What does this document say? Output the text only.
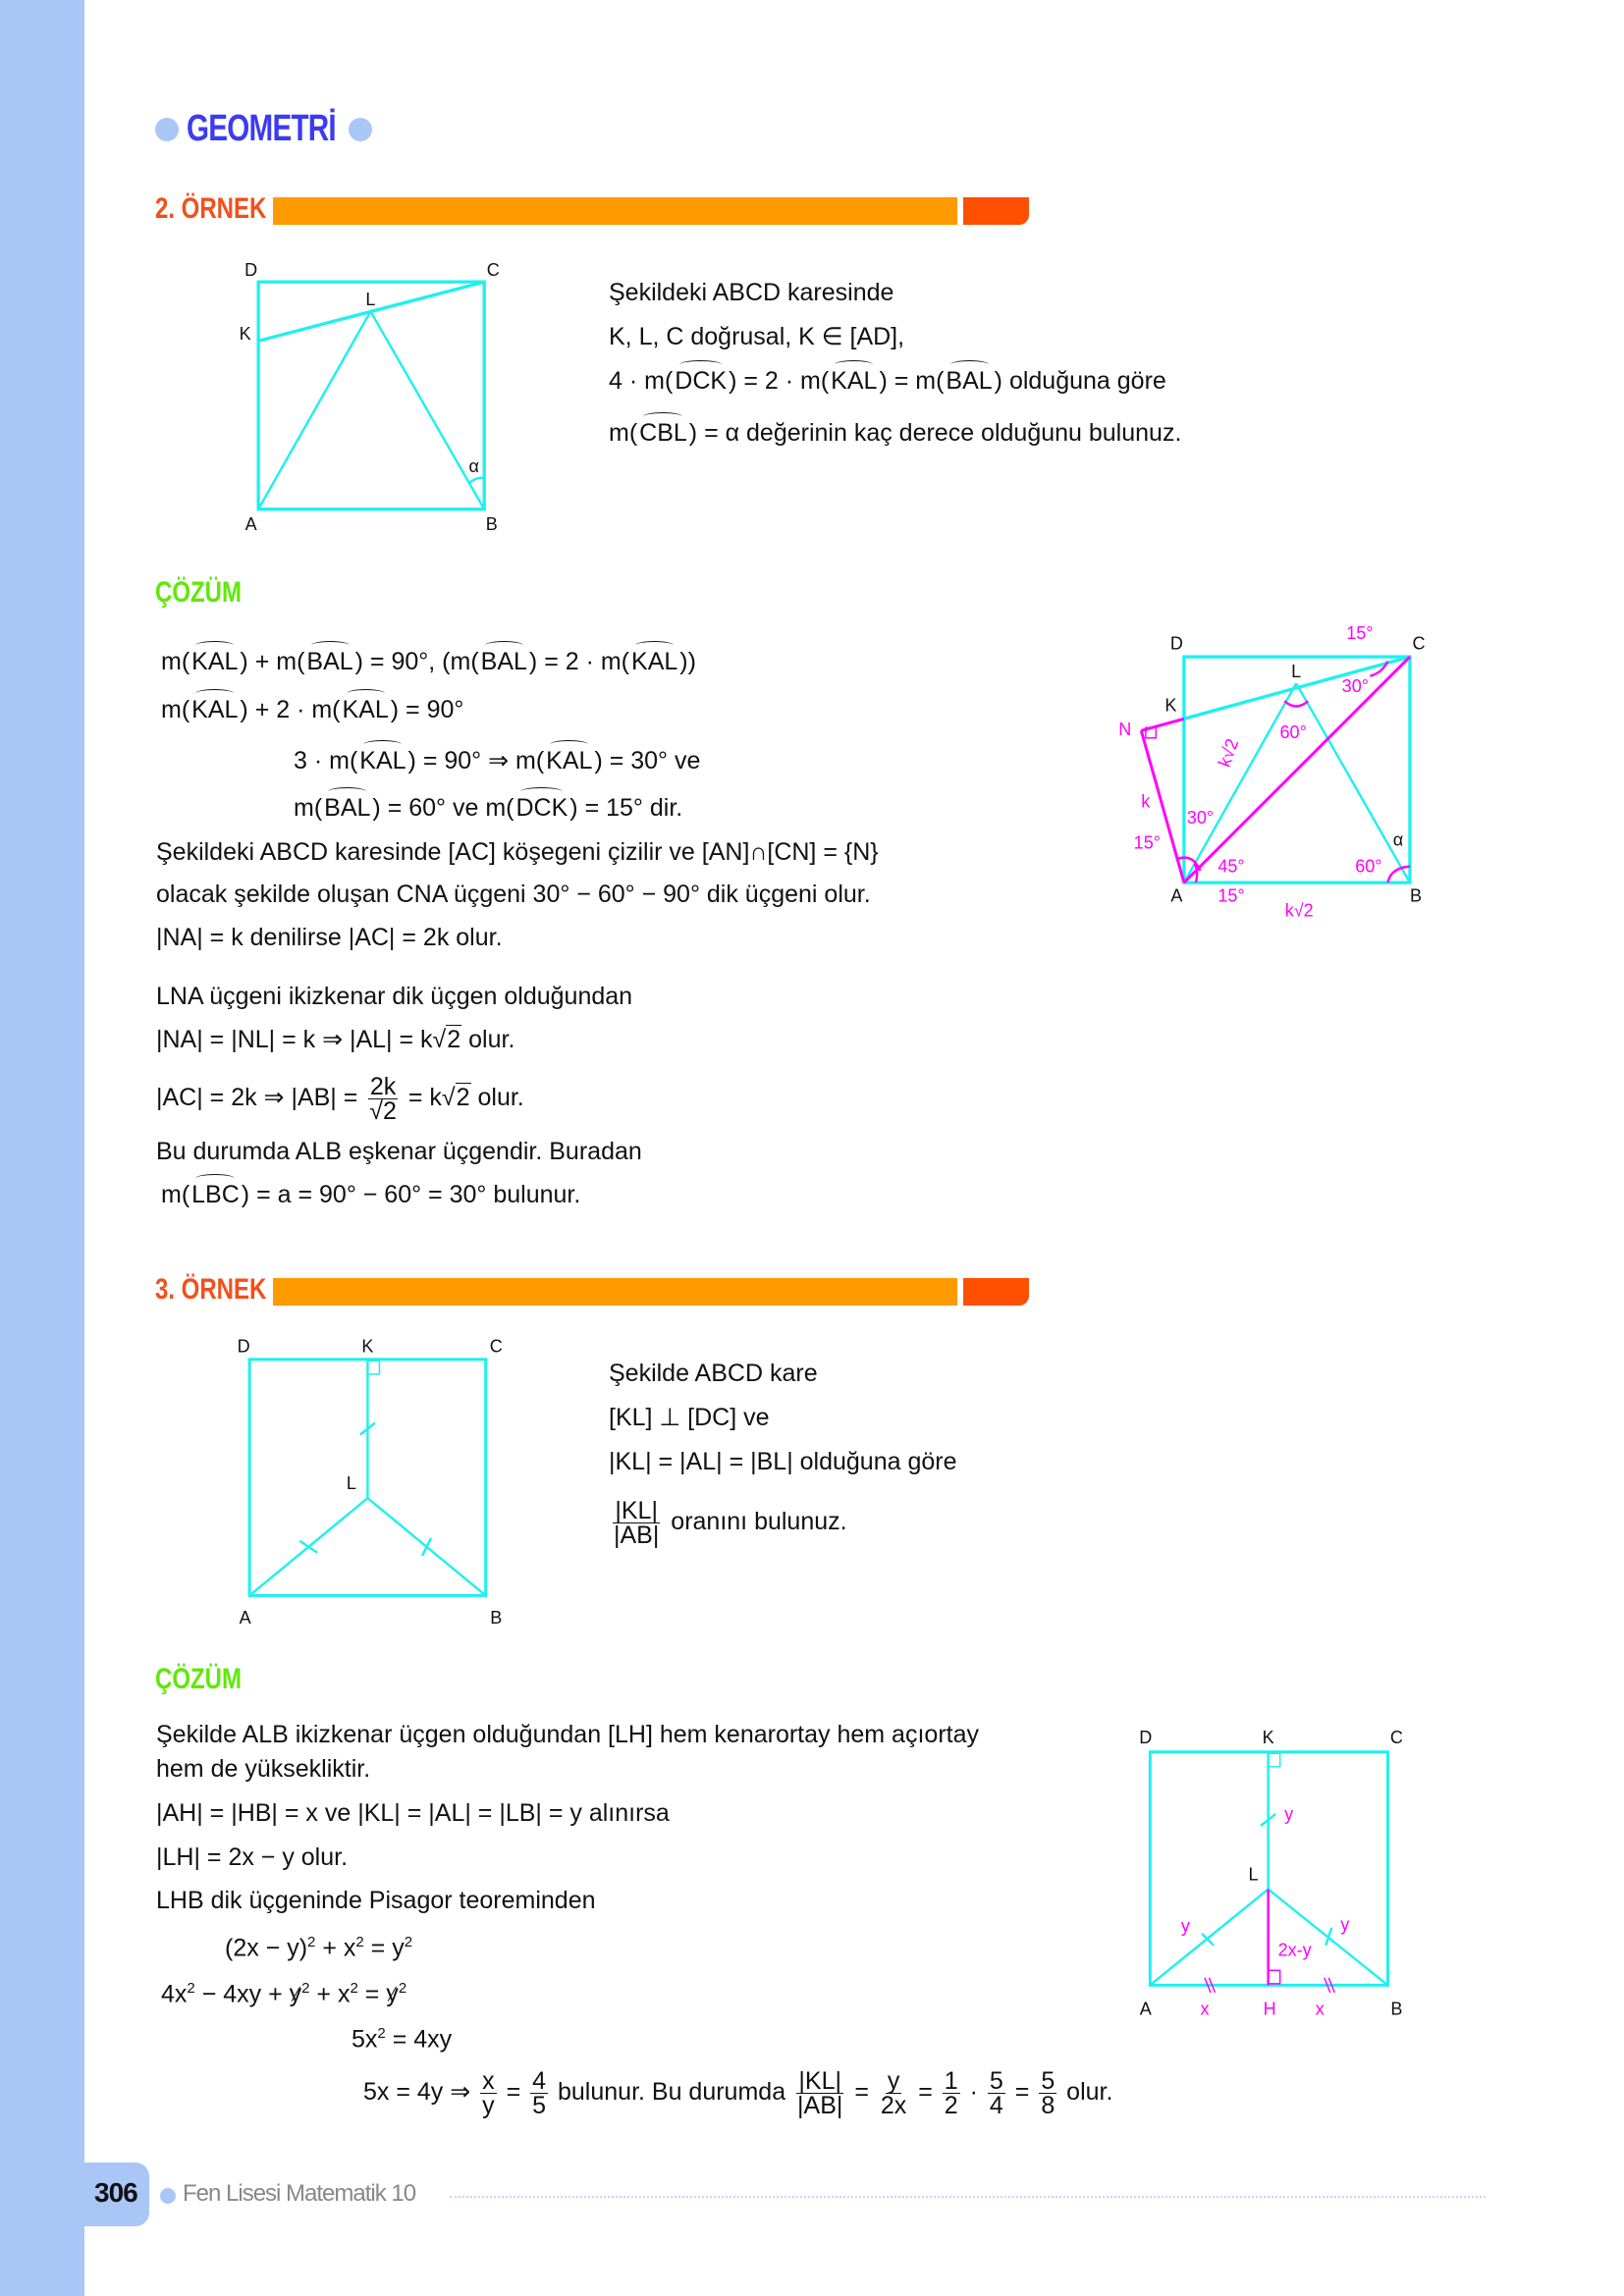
306 Fen Lisesi Matematik 10
GEOMETRİ
2. ÖRNEK
Şekildeki ABCD karesinde
K, L, C doğrusal, K ∈ [AD],
4 · m(DCK) = 2 · m(KAL) = m(BAL) olduğuna göre
m(CBL) = α değerinin kaç derece olduğunu bulunuz.
ÇÖZÜM
m(KAL) + m(BAL) = 90°, (m(BAL) = 2 · m(KAL))
m(KAL) + 2 · m(KAL) = 90°
3 · m(KAL) = 90° ⇒ m(KAL) = 30° ve
m(BAL) = 60° ve m(DCK) = 15° dir.
Şekildeki ABCD karesinde [AC] köşegeni çizilir ve [AN]∩[CN] = {N}
olacak şekilde oluşan CNA üçgeni 30° − 60° − 90° dik üçgeni olur.
|NA| = k denilirse |AC| = 2k olur.
LNA üçgeni ikizkenar dik üçgen olduğundan
|NA| = |NL| = k ⇒ |AL| = k√2 olur.
|AC| = 2k ⇒ $|AB| = \frac{2k}{√2} = k√2$ olur.
Bu durumda ALB eşkenar üçgendir. Buradan
m(LBC) = a = 90° − 60° = 30° bulunur.
3. ÖRNEK
Şekilde ABCD kare
[KL] ⊥ [DC] ve
|KL| = |AL| = |BL| olduğuna göre
$\frac{|KL|}{|AB|}$ oranını bulunuz.
ÇÖZÜM
Şekilde ALB ikizkenar üçgen olduğundan [LH] hem kenarortay hem açıortay
hem de yüksekliktir.
|AH| = |HB| = x ve |KL| = |AL| = |LB| = y alınırsa
|LH| = 2x − y olur.
LHB dik üçgeninde Pisagor teoreminden
$(2x - y)^2 + x^2 = y^2$
$4x^2 - 4xy + y^2 + x^2 = y^2$
$5x^2 = 4xy$
5x = 4y ⇒ $\frac{x}{y} = \frac{4}{5}$ bulunur. Bu durumda $\frac{|KL|}{|AB|} = \frac{y}{2x} = \frac{1}{2} \cdot \frac{5}{4} = \frac{5}{8}$ olur.
D	C
K
L
α
A	B
D	C
K
L
N
A	B
α
15°
30°
60°
k√2
k
30°
15°
45°	60°
15°
k√2
D	K	C
L
A	B
D	K	C
L
A	B
H
x	x
y
y	y
2x-y
